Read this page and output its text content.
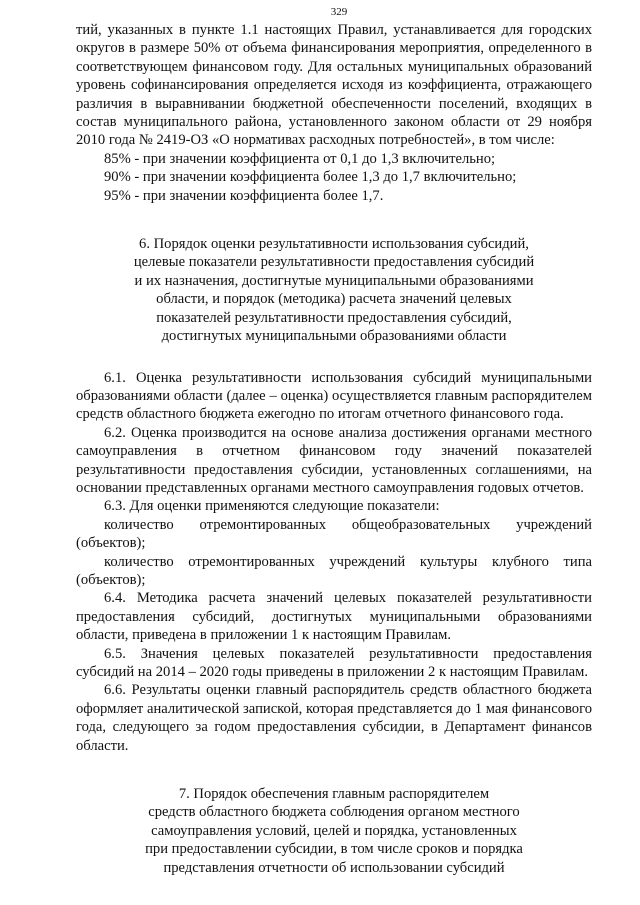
329

тий, указанных в пункте 1.1 настоящих Правил, устанавливается для городских округов в размере 50% от объема финансирования мероприятия, определенного в соответствующем финансовом году. Для остальных муниципальных образований уровень софинансирования определяется исходя из коэффициента, отражающего различия в выравнивании бюджетной обеспеченности поселений, входящих в состав муниципального района, установленного законом области от 29 ноября 2010 года № 2419-ОЗ «О нормативах расходных потребностей», в том числе:

85% - при значении коэффициента от 0,1 до 1,3 включительно;

90% - при значении коэффициента более 1,3 до 1,7 включительно;

95% - при значении коэффициента более 1,7.

6. Порядок оценки результативности использования субсидий,

целевые показатели результативности предоставления субсидий

и их назначения, достигнутые муниципальными образованиями

области, и порядок (методика) расчета значений целевых

показателей результативности предоставления субсидий,

достигнутых муниципальными образованиями области

6.1. Оценка результативности использования субсидий муниципальными образованиями области (далее – оценка) осуществляется главным распорядителем средств областного бюджета ежегодно по итогам отчетного финансового года.

6.2. Оценка производится на основе анализа достижения органами местного самоуправления в отчетном финансовом году значений показателей результативности предоставления субсидии, установленных соглашениями, на основании представленных органами местного самоуправления годовых отчетов.

6.3. Для оценки применяются следующие показатели:

количество отремонтированных общеобразовательных учреждений (объектов);

количество отремонтированных учреждений культуры клубного типа (объектов);

6.4. Методика расчета значений целевых показателей результативности предоставления субсидий, достигнутых муниципальными образованиями области, приведена в приложении 1 к настоящим Правилам.

6.5. Значения целевых показателей результативности предоставления субсидий на 2014 – 2020 годы приведены в приложении 2 к настоящим Правилам.

6.6. Результаты оценки главный распорядитель средств областного бюджета оформляет аналитической запиской, которая представляется до 1 мая финансового года, следующего за годом предоставления субсидии, в Департамент финансов области.

7. Порядок обеспечения главным распорядителем

средств областного бюджета соблюдения органом местного

самоуправления условий, целей и порядка, установленных

при предоставлении субсидии, в том числе сроков и порядка

представления отчетности об использовании субсидий
